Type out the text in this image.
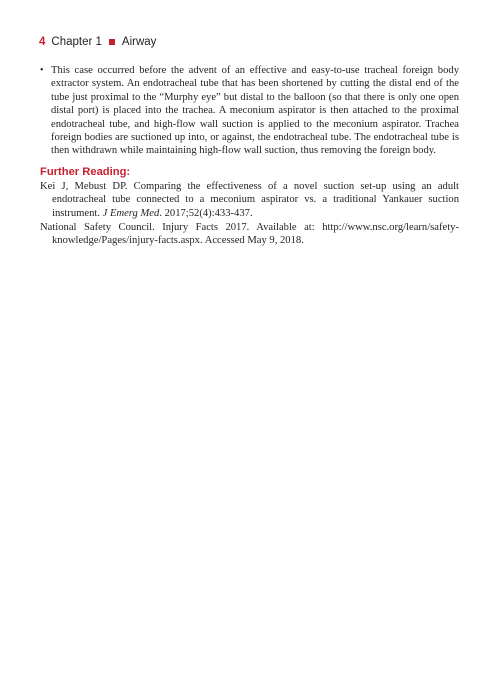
4 Chapter 1 Airway
• This case occurred before the advent of an effective and easy-to-use tracheal foreign body extractor system. An endotracheal tube that has been shortened by cutting the distal end of the tube just proximal to the “Murphy eye” but distal to the balloon (so that there is only one open distal port) is placed into the trachea. A meconium aspirator is then attached to the proximal endotracheal tube, and high-flow wall suction is applied to the meconium aspirator. Trachea foreign bodies are suctioned up into, or against, the endotracheal tube. The endotracheal tube is then withdrawn while maintaining high-flow wall suction, thus removing the foreign body.
Further Reading:
Kei J, Mebust DP. Comparing the effectiveness of a novel suction set-up using an adult endotracheal tube connected to a meconium aspirator vs. a traditional Yankauer suction instrument. J Emerg Med. 2017;52(4):433-437.
National Safety Council. Injury Facts 2017. Available at: http://www.nsc.org/learn/safety-knowledge/Pages/injury-facts.aspx. Accessed May 9, 2018.
